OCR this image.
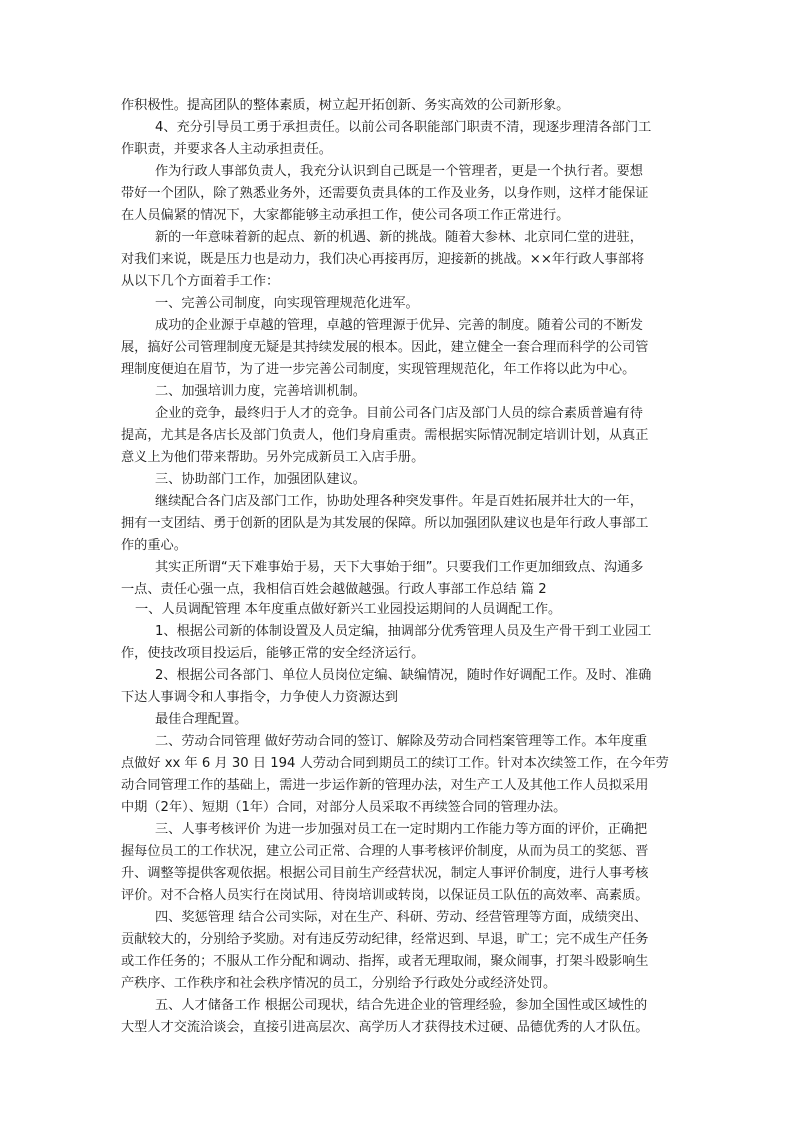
作积极性。提高团队的整体素质，树立起开拓创新、务实高效的公司新形象。
4、充分引导员工勇于承担责任。以前公司各职能部门职责不清，现逐步理清各部门工
作职责，并要求各人主动承担责任。
作为行政人事部负责人，我充分认识到自己既是一个管理者，更是一个执行者。要想
带好一个团队，除了熟悉业务外，还需要负责具体的工作及业务，以身作则，这样才能保证
在人员偏紧的情况下，大家都能够主动承担工作，使公司各项工作正常进行。
新的一年意味着新的起点、新的机遇、新的挑战。随着大参林、北京同仁堂的进驻，
对我们来说，既是压力也是动力，我们决心再接再厉，迎接新的挑战。××年行政人事部将
从以下几个方面着手工作：
一、完善公司制度，向实现管理规范化进军。
成功的企业源于卓越的管理，卓越的管理源于优异、完善的制度。随着公司的不断发
展，搞好公司管理制度无疑是其持续发展的根本。因此，建立健全一套合理而科学的公司管
理制度便迫在眉节，为了进一步完善公司制度，实现管理规范化，年工作将以此为中心。
二、加强培训力度，完善培训机制。
企业的竞争，最终归于人才的竞争。目前公司各门店及部门人员的综合素质普遍有待
提高，尤其是各店长及部门负责人，他们身肩重责。需根据实际情况制定培训计划，从真正
意义上为他们带来帮助。另外完成新员工入店手册。
三、协助部门工作，加强团队建议。
继续配合各门店及部门工作，协助处理各种突发事件。年是百姓拓展并壮大的一年，
拥有一支团结、勇于创新的团队是为其发展的保障。所以加强团队建议也是年行政人事部工
作的重心。
其实正所谓“天下难事始于易，天下大事始于细”。只要我们工作更加细致点、沟通多
一点、责任心强一点，我相信百姓会越做越强。行政人事部工作总结 篇 2
一、人员调配管理 本年度重点做好新兴工业园投运期间的人员调配工作。
1、根据公司新的体制设置及人员定编，抽调部分优秀管理人员及生产骨干到工业园工
作，使技改项目投运后，能够正常的安全经济运行。
2、根据公司各部门、单位人员岗位定编、缺编情况，随时作好调配工作。及时、准确
下达人事调令和人事指令，力争使人力资源达到
最佳合理配置。
二、劳动合同管理 做好劳动合同的签订、解除及劳动合同档案管理等工作。本年度重
点做好 xx 年 6 月 30 日 194 人劳动合同到期员工的续订工作。针对本次续签工作，在今年劳
动合同管理工作的基础上，需进一步运作新的管理办法，对生产工人及其他工作人员拟采用
中期（2年）、短期（1年）合同，对部分人员采取不再续签合同的管理办法。
三、人事考核评价 为进一步加强对员工在一定时期内工作能力等方面的评价，正确把
握每位员工的工作状况，建立公司正常、合理的人事考核评价制度，从而为员工的奖惩、晋
升、调整等提供客观依据。根据公司目前生产经营状况，制定人事评价制度，进行人事考核
评价。对不合格人员实行在岗试用、待岗培训或转岗，以保证员工队伍的高效率、高素质。
四、奖惩管理 结合公司实际，对在生产、科研、劳动、经营管理等方面，成绩突出、
贡献较大的，分别给予奖励。对有违反劳动纪律，经常迟到、早退，旷工；完不成生产任务
或工作任务的；不服从工作分配和调动、指挥，或者无理取闹，聚众闹事，打架斗殴影响生
产秩序、工作秩序和社会秩序情况的员工，分别给予行政处分或经济处罚。
五、人才储备工作 根据公司现状，结合先进企业的管理经验，参加全国性或区域性的
大型人才交流洽谈会，直接引进高层次、高学历人才获得技术过硬、品德优秀的人才队伍。
